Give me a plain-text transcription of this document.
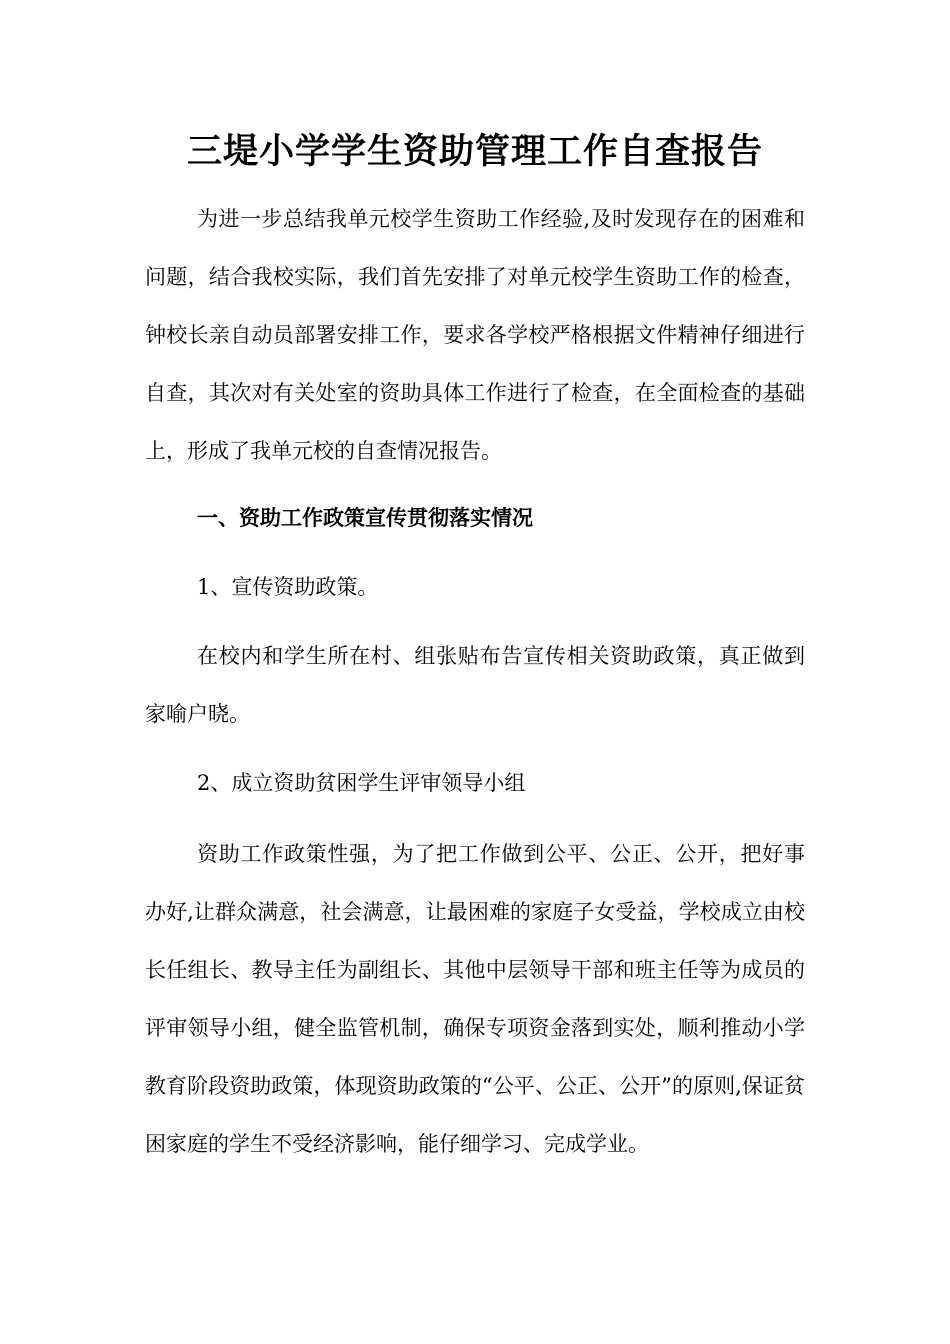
三堤小学学生资助管理工作自查报告

为进一步总结我单元校学生资助工作经验,及时发现存在的困难和问题，结合我校实际，我们首先安排了对单元校学生资助工作的检查，钟校长亲自动员部署安排工作，要求各学校严格根据文件精神仔细进行自查，其次对有关处室的资助具体工作进行了检查，在全面检查的基础上，形成了我单元校的自查情况报告。

一、资助工作政策宣传贯彻落实情况

1、宣传资助政策。

在校内和学生所在村、组张贴布告宣传相关资助政策，真正做到家喻户晓。

2、成立资助贫困学生评审领导小组

资助工作政策性强，为了把工作做到公平、公正、公开，把好事办好,让群众满意，社会满意，让最困难的家庭子女受益，学校成立由校长任组长、教导主任为副组长、其他中层领导干部和班主任等为成员的评审领导小组，健全监管机制，确保专项资金落到实处，顺利推动小学教育阶段资助政策，体现资助政策的“公平、公正、公开”的原则,保证贫困家庭的学生不受经济影响，能仔细学习、完成学业。
